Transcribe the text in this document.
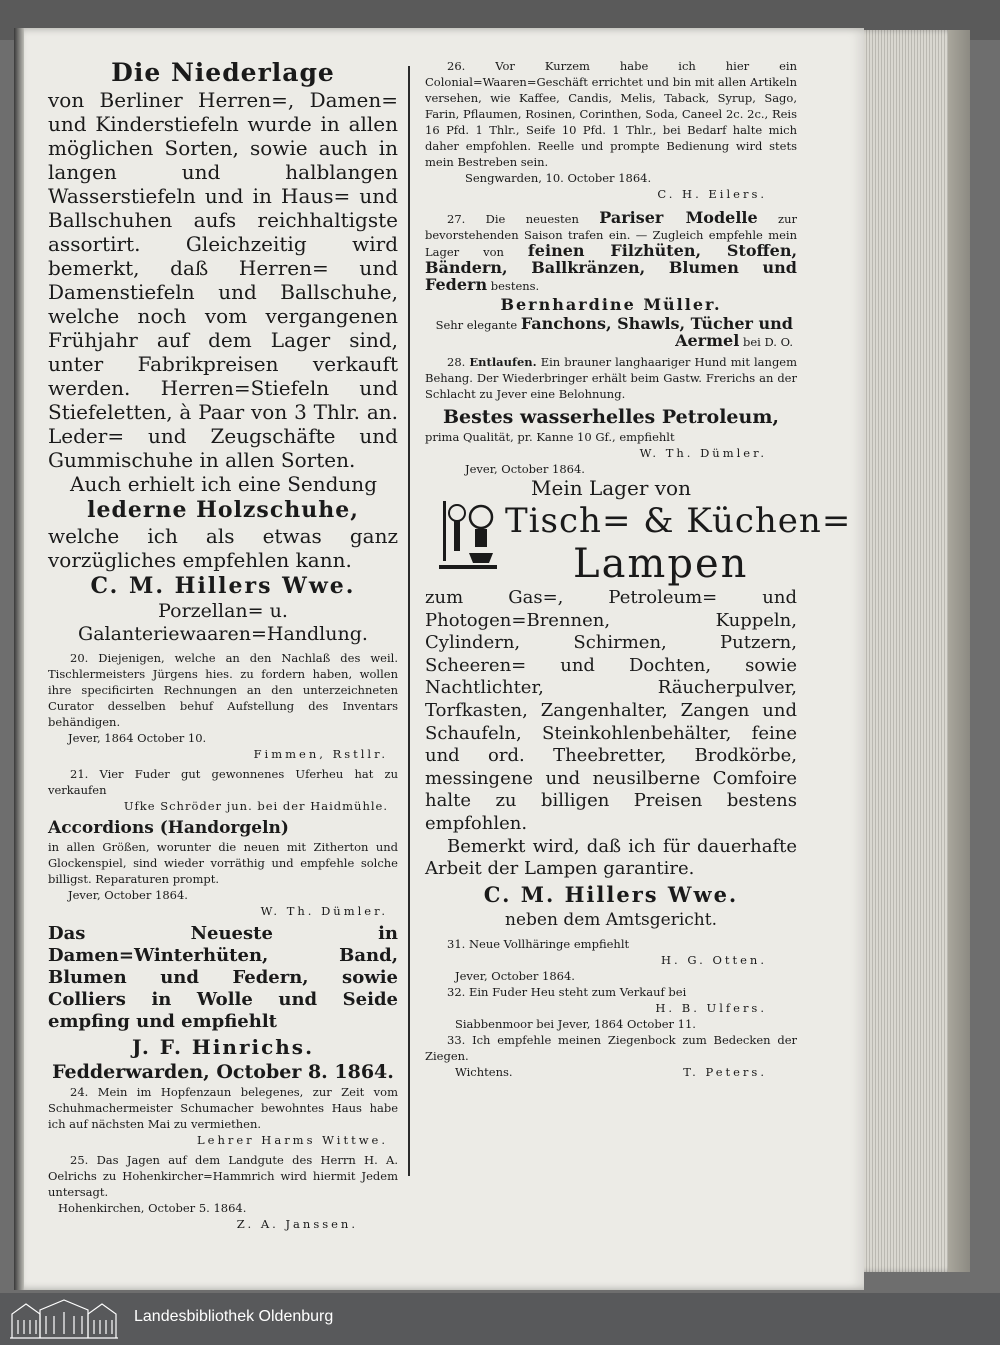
Die Niederlage

von Berliner Herren=, Damen= und Kinderstiefeln wurde in allen möglichen Sorten, sowie auch in langen und halblangen Wasserstiefeln und in Haus= und Ballschuhen aufs reichhaltigste assortirt. Gleichzeitig wird bemerkt, daß Herren= und Damenstiefeln und Ballschuhe, welche noch vom vergangenen Frühjahr auf dem Lager sind, unter Fabrikpreisen verkauft werden. Herren=Stiefeln und Stiefeletten, à Paar von 3 Thlr. an. Leder= und Zeugschäfte und Gummischuhe in allen Sorten.

Auch erhielt ich eine Sendung

lederne Holzschuhe,

welche ich als etwas ganz vorzügliches empfehlen kann.

C. M. Hillers Wwe.

Porzellan= u. Galanteriewaaren=Handlung.

20. Diejenigen, welche an den Nachlaß des weil. Tischlermeisters Jürgens hies. zu fordern haben, wollen ihre specificirten Rechnungen an den unterzeichneten Curator desselben behuf Aufstellung des Inventars behändigen.

Jever, 1864 October 10.

Fimmen, Rstllr.

21. Vier Fuder gut gewonnenes Uferheu hat zu verkaufen

Ufke Schröder jun. bei der Haidmühle.

Accordions (Handorgeln)

in allen Größen, worunter die neuen mit Zitherton und Glockenspiel, sind wieder vorräthig und empfehle solche billigst. Reparaturen prompt.

Jever, October 1864.

W. Th. Dümler.

Das Neueste in Damen=Winterhüten, Band, Blumen und Federn, sowie Colliers in Wolle und Seide empfing und empfiehlt

J. F. Hinrichs.

Fedderwarden, October 8. 1864.

24. Mein im Hopfenzaun belegenes, zur Zeit vom Schuhmachermeister Schumacher bewohntes Haus habe ich auf nächsten Mai zu vermiethen.

Lehrer Harms Wittwe.

25. Das Jagen auf dem Landgute des Herrn H. A. Oelrichs zu Hohenkircher=Hammrich wird hiermit Jedem untersagt.

Hohenkirchen, October 5. 1864.

Z. A. Janssen.

26. Vor Kurzem habe ich hier ein Colonial=Waaren=Geschäft errichtet und bin mit allen Artikeln versehen, wie Kaffee, Candis, Melis, Taback, Syrup, Sago, Farin, Pflaumen, Rosinen, Corinthen, Soda, Caneel 2c. 2c., Reis 16 Pfd. 1 Thlr., Seife 10 Pfd. 1 Thlr., bei Bedarf halte mich daher empfohlen. Reelle und prompte Bedienung wird stets mein Bestreben sein.

Sengwarden, 10. October 1864.

C. H. Eilers.

27. Die neuesten Pariser Modelle zur bevorstehenden Saison trafen ein. — Zugleich empfehle mein Lager von feinen Filzhüten, Stoffen, Bändern, Ballkränzen, Blumen und Federn bestens.

Bernhardine Müller.

Sehr elegante Fanchons, Shawls, Tücher und Aermel bei D. O.

28. Entlaufen. Ein brauner langhaariger Hund mit langem Behang. Der Wiederbringer erhält beim Gastw. Frerichs an der Schlacht zu Jever eine Belohnung.

Bestes wasserhelles Petroleum,

prima Qualität, pr. Kanne 10 Gf., empfiehlt

W. Th. Dümler.

Jever, October 1864.

Mein Lager von

Tisch= & Küchen=
Lampen

zum Gas=, Petroleum= und Photogen=Brennen, Kuppeln, Cylindern, Schirmen, Putzern, Scheeren= und Dochten, sowie Nachtlichter, Räucherpulver, Torfkasten, Zangenhalter, Zangen und Schaufeln, Steinkohlenbehälter, feine und ord. Theebretter, Brodkörbe, messingene und neusilberne Comfoire halte zu billigen Preisen bestens empfohlen.

Bemerkt wird, daß ich für dauerhafte Arbeit der Lampen garantire.

C. M. Hillers Wwe.

neben dem Amtsgericht.

31. Neue Vollhäringe empfiehlt

H. G. Otten.

Jever, October 1864.

32. Ein Fuder Heu steht zum Verkauf bei

H. B. Ulfers.

Siabbenmoor bei Jever, 1864 October 11.

33. Ich empfehle meinen Ziegenbock zum Bedecken der Ziegen.

Wichtens.	T. Peters.

Landesbibliothek Oldenburg
